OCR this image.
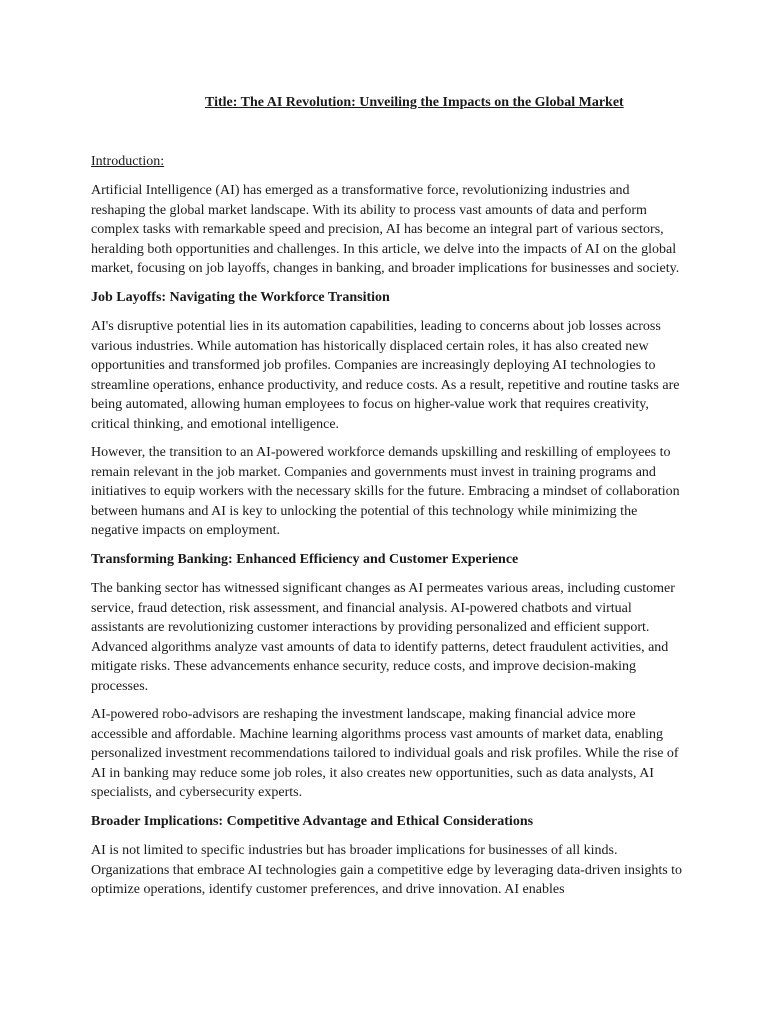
Title: The AI Revolution: Unveiling the Impacts on the Global Market
Introduction:

Artificial Intelligence (AI) has emerged as a transformative force, revolutionizing industries and reshaping the global market landscape. With its ability to process vast amounts of data and perform complex tasks with remarkable speed and precision, AI has become an integral part of various sectors, heralding both opportunities and challenges. In this article, we delve into the impacts of AI on the global market, focusing on job layoffs, changes in banking, and broader implications for businesses and society.

Job Layoffs: Navigating the Workforce Transition

AI's disruptive potential lies in its automation capabilities, leading to concerns about job losses across various industries. While automation has historically displaced certain roles, it has also created new opportunities and transformed job profiles. Companies are increasingly deploying AI technologies to streamline operations, enhance productivity, and reduce costs. As a result, repetitive and routine tasks are being automated, allowing human employees to focus on higher-value work that requires creativity, critical thinking, and emotional intelligence.

However, the transition to an AI-powered workforce demands upskilling and reskilling of employees to remain relevant in the job market. Companies and governments must invest in training programs and initiatives to equip workers with the necessary skills for the future. Embracing a mindset of collaboration between humans and AI is key to unlocking the potential of this technology while minimizing the negative impacts on employment.

Transforming Banking: Enhanced Efficiency and Customer Experience

The banking sector has witnessed significant changes as AI permeates various areas, including customer service, fraud detection, risk assessment, and financial analysis. AI-powered chatbots and virtual assistants are revolutionizing customer interactions by providing personalized and efficient support. Advanced algorithms analyze vast amounts of data to identify patterns, detect fraudulent activities, and mitigate risks. These advancements enhance security, reduce costs, and improve decision-making processes.

AI-powered robo-advisors are reshaping the investment landscape, making financial advice more accessible and affordable. Machine learning algorithms process vast amounts of market data, enabling personalized investment recommendations tailored to individual goals and risk profiles. While the rise of AI in banking may reduce some job roles, it also creates new opportunities, such as data analysts, AI specialists, and cybersecurity experts.

Broader Implications: Competitive Advantage and Ethical Considerations

AI is not limited to specific industries but has broader implications for businesses of all kinds. Organizations that embrace AI technologies gain a competitive edge by leveraging data-driven insights to optimize operations, identify customer preferences, and drive innovation. AI enables
